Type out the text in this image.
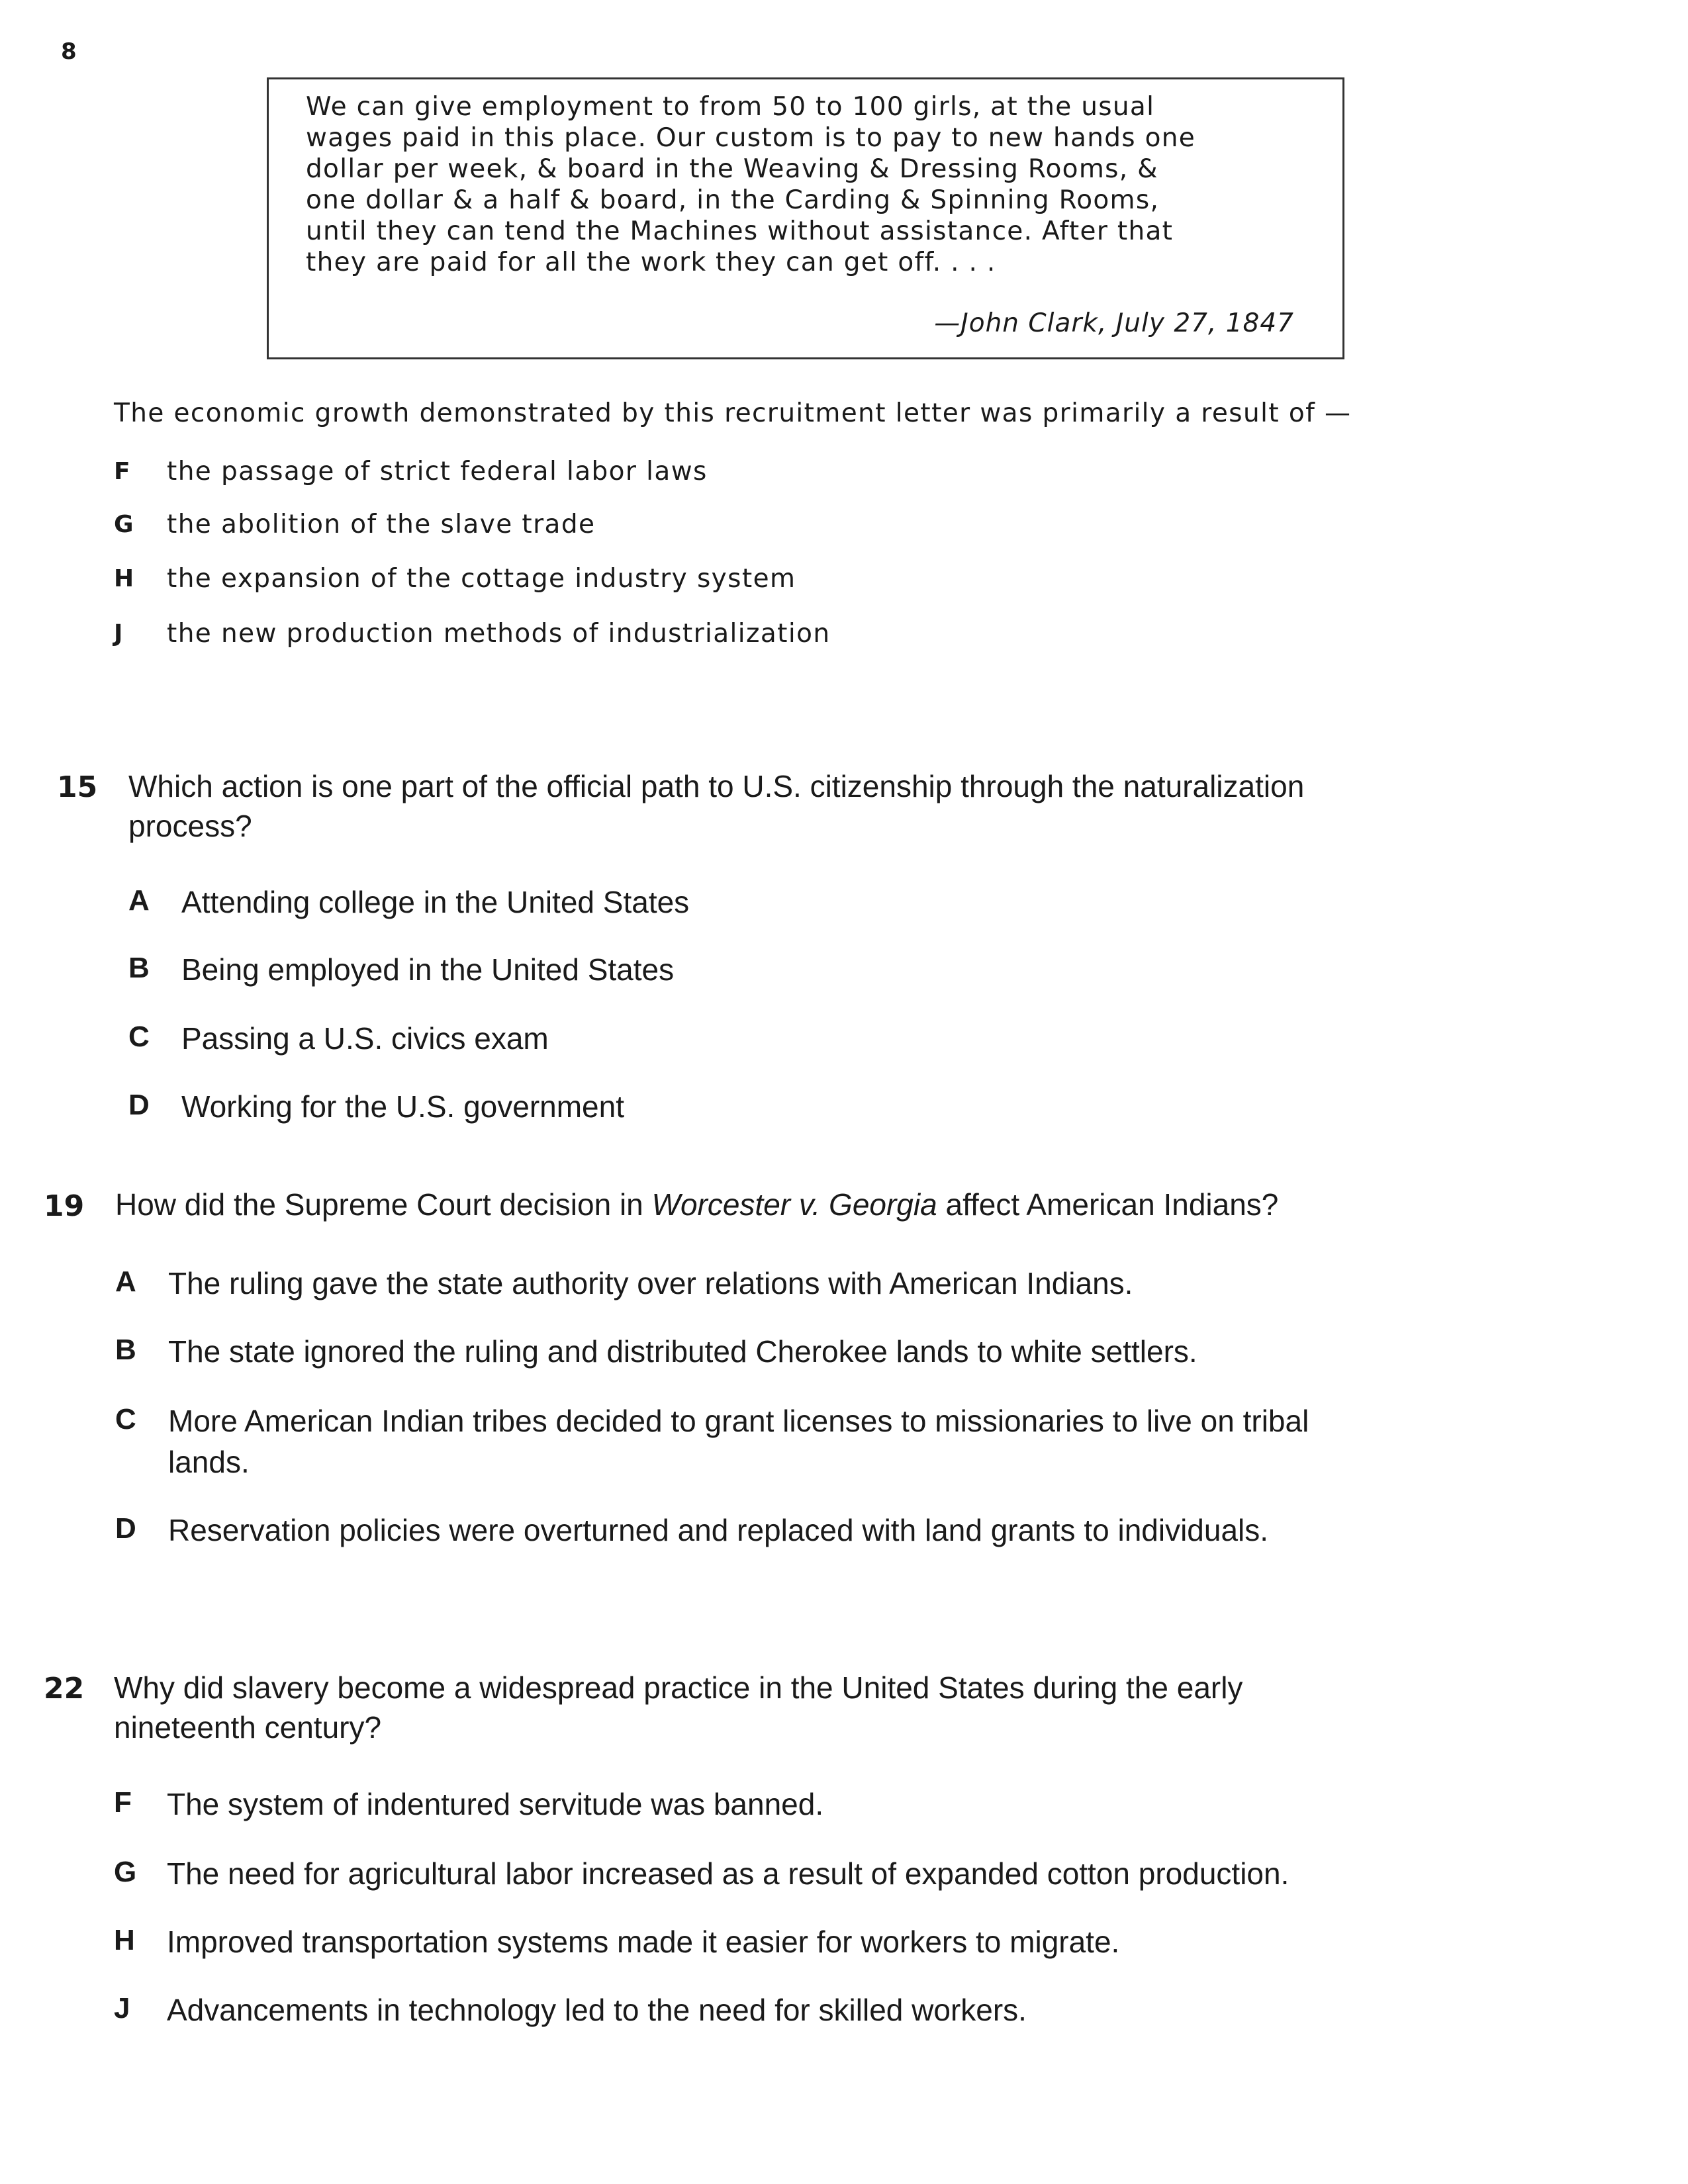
8
We can give employment to from 50 to 100 girls, at the usual
wages paid in this place. Our custom is to pay to new hands one
dollar per week, & board in the Weaving & Dressing Rooms, &
one dollar & a half & board, in the Carding & Spinning Rooms,
until they can tend the Machines without assistance. After that
they are paid for all the work they can get off. . . .
—John Clark, July 27, 1847
The economic growth demonstrated by this recruitment letter was primarily a result of —
F the passage of strict federal labor laws
G the abolition of the slave trade
H the expansion of the cottage industry system
J the new production methods of industrialization
15 Which action is one part of the official path to U.S. citizenship through the naturalization
process?
A Attending college in the United States
B Being employed in the United States
C Passing a U.S. civics exam
D Working for the U.S. government
19 How did the Supreme Court decision in Worcester v. Georgia affect American Indians?
A The ruling gave the state authority over relations with American Indians.
B The state ignored the ruling and distributed Cherokee lands to white settlers.
C More American Indian tribes decided to grant licenses to missionaries to live on tribal
lands.
D Reservation policies were overturned and replaced with land grants to individuals.
22 Why did slavery become a widespread practice in the United States during the early
nineteenth century?
F The system of indentured servitude was banned.
G The need for agricultural labor increased as a result of expanded cotton production.
H Improved transportation systems made it easier for workers to migrate.
J Advancements in technology led to the need for skilled workers.
